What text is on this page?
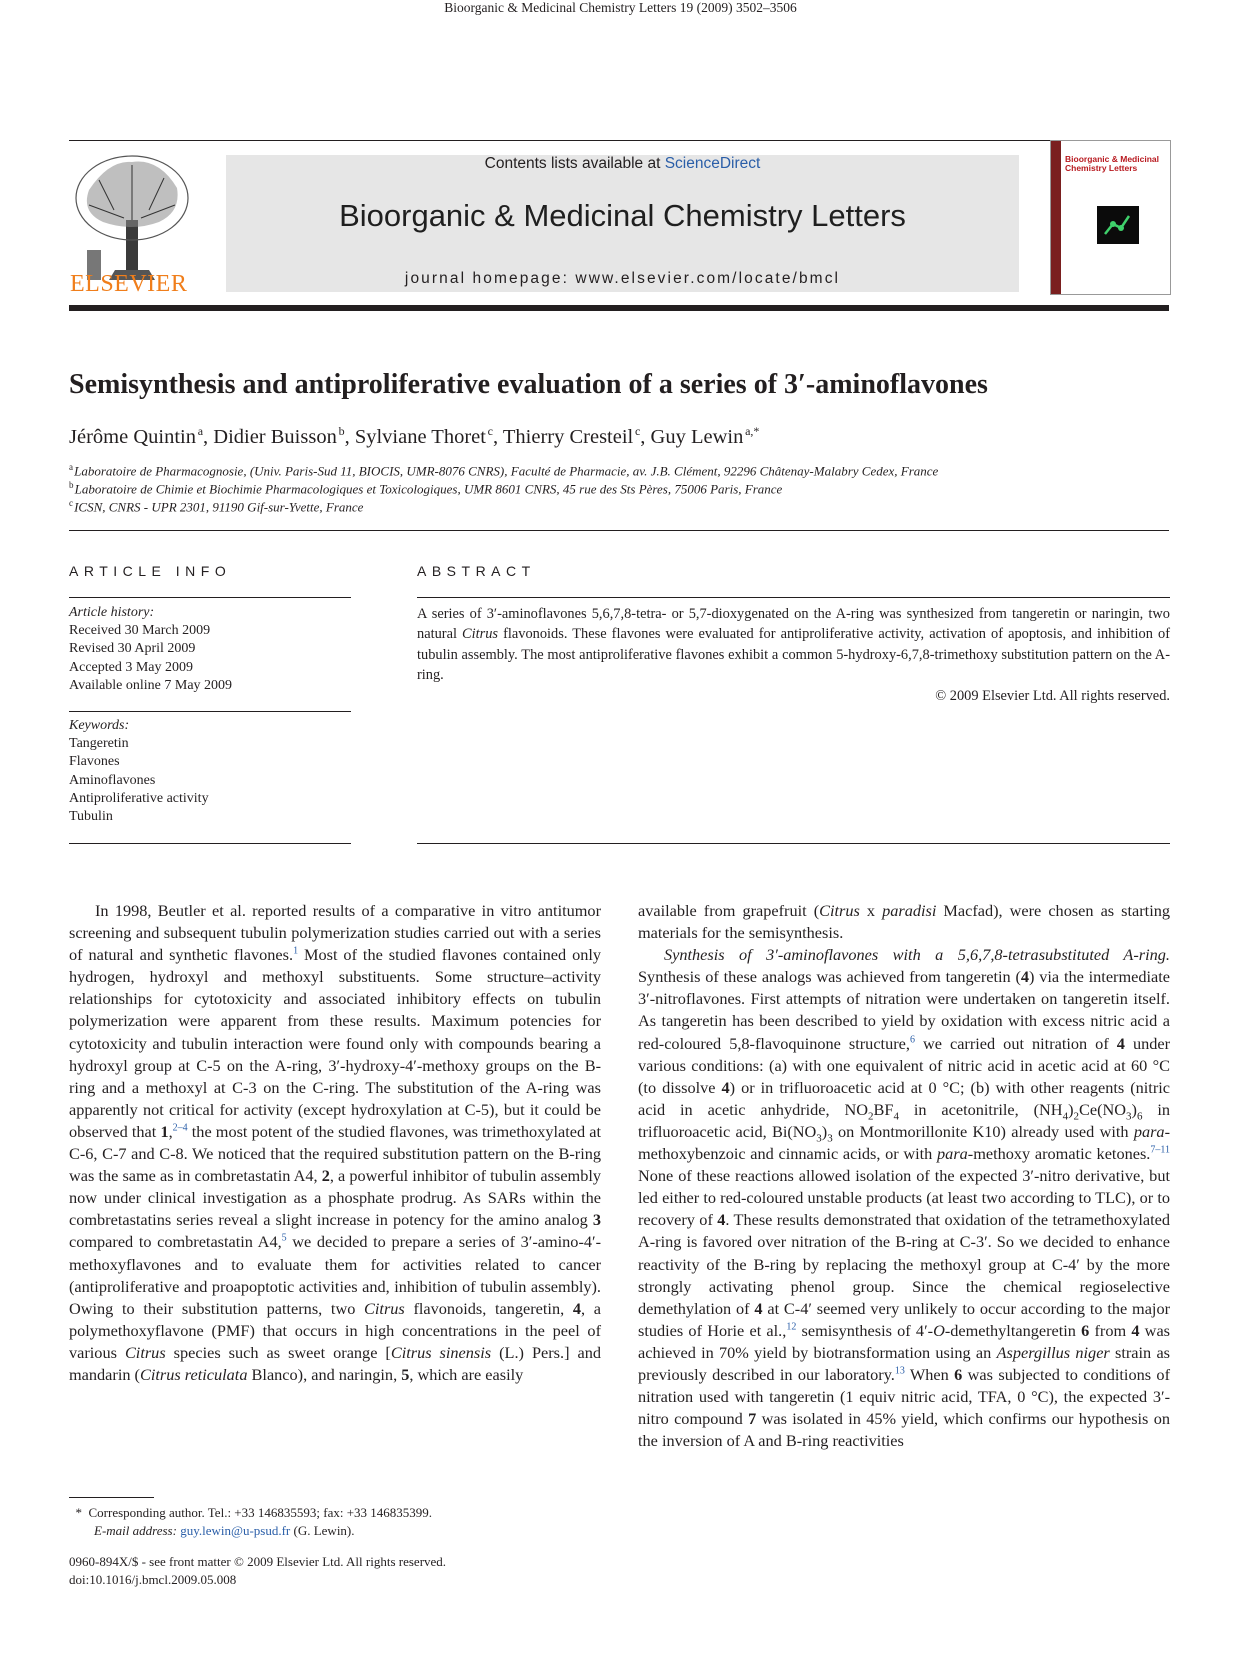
Bioorganic & Medicinal Chemistry Letters 19 (2009) 3502–3506
ELSEVIER
Contents lists available at ScienceDirect
Bioorganic & Medicinal Chemistry Letters
journal homepage: www.elsevier.com/locate/bmcl
Bioorganic & Medicinal Chemistry Letters
Semisynthesis and antiproliferative evaluation of a series of 3′-aminoflavones
Jérôme Quintin  $^a$, Didier Buisson  $^b$, Sylviane Thoret  $^c$, Thierry Cresteil  $^c$, Guy Lewin  $^{a,*}$
$^a$ Laboratoire de Pharmacognosie, (Univ. Paris-Sud 11, BIOCIS, UMR-8076 CNRS), Faculté de Pharmacie, av. J.B. Clément, 92296 Châtenay-Malabry Cedex, France
$^b$ Laboratoire de Chimie et Biochimie Pharmacologiques et Toxicologiques, UMR 8601 CNRS, 45 rue des Sts Pères, 75006 Paris, France
$^c$ ICSN, CNRS - UPR 2301, 91190 Gif-sur-Yvette, France
ARTICLE INFO
Article history:
Received 30 March 2009
Revised 30 April 2009
Accepted 3 May 2009
Available online 7 May 2009
Keywords:
Tangeretin
Flavones
Aminoflavones
Antiproliferative activity
Tubulin
ABSTRACT
A series of 3′-aminoflavones 5,6,7,8-tetra- or 5,7-dioxygenated on the A-ring was synthesized from tangeretin or naringin, two natural Citrus flavonoids. These flavones were evaluated for antiproliferative activity, activation of apoptosis, and inhibition of tubulin assembly. The most antiproliferative flavones exhibit a common 5-hydroxy-6,7,8-trimethoxy substitution pattern on the A-ring.
© 2009 Elsevier Ltd. All rights reserved.

In 1998, Beutler et al. reported results of a comparative in vitro antitumor screening and subsequent tubulin polymerization studies carried out with a series of natural and synthetic flavones.$^1$ Most of the studied flavones contained only hydrogen, hydroxyl and methoxyl substituents. Some structure–activity relationships for cytotoxicity and associated inhibitory effects on tubulin polymerization were apparent from these results. Maximum potencies for cytotoxicity and tubulin interaction were found only with compounds bearing a hydroxyl group at C-5 on the A-ring, 3′-hydroxy-4′-methoxy groups on the B-ring and a methoxyl at C-3 on the C-ring. The substitution of the A-ring was apparently not critical for activity (except hydroxylation at C-5), but it could be observed that 1,$^{2-4}$ the most potent of the studied flavones, was trimethoxylated at C-6, C-7 and C-8. We noticed that the required substitution pattern on the B-ring was the same as in combretastatin A4, 2, a powerful inhibitor of tubulin assembly now under clinical investigation as a phosphate prodrug. As SARs within the combretastatins series reveal a slight increase in potency for the amino analog 3 compared to combretastatin A4,$^5$ we decided to prepare a series of 3′-amino-4′-methoxyflavones and to evaluate them for activities related to cancer (antiproliferative and proapoptotic activities and, inhibition of tubulin assembly). Owing to their substitution patterns, two Citrus flavonoids, tangeretin, 4, a polymethoxyflavone (PMF) that occurs in high concentrations in the peel of various Citrus species such as sweet orange [Citrus sinensis (L.) Pers.] and mandarin (Citrus reticulata Blanco), and naringin, 5, which are easily

available from grapefruit (Citrus x paradisi Macfad), were chosen as starting materials for the semisynthesis.

Synthesis of 3′-aminoflavones with a 5,6,7,8-tetrasubstituted A-ring. Synthesis of these analogs was achieved from tangeretin (4) via the intermediate 3′-nitroflavones. First attempts of nitration were undertaken on tangeretin itself. As tangeretin has been described to yield by oxidation with excess nitric acid a red-coloured 5,8-flavoquinone structure,$^6$ we carried out nitration of 4 under various conditions: (a) with one equivalent of nitric acid in acetic acid at 60 °C (to dissolve 4) or in trifluoroacetic acid at 0 °C; (b) with other reagents (nitric acid in acetic anhydride, $NO_2BF_4$ in acetonitrile, $(NH_4)_2Ce(NO_3)_6$ in trifluoroacetic acid, $Bi(NO_3)_3$ on Montmorillonite K10) already used with para-methoxybenzoic and cinnamic acids, or with para-methoxy aromatic ketones.$^{7-11}$ None of these reactions allowed isolation of the expected 3′-nitro derivative, but led either to red-coloured unstable products (at least two according to TLC), or to recovery of 4. These results demonstrated that oxidation of the tetramethoxylated A-ring is favored over nitration of the B-ring at C-3′. So we decided to enhance reactivity of the B-ring by replacing the methoxyl group at C-4′ by the more strongly activating phenol group. Since the chemical regioselective demethylation of 4 at C-4′ seemed very unlikely to occur according to the major studies of Horie et al.,$^{12}$ semisynthesis of 4′-O-demethyltangeretin 6 from 4 was achieved in 70% yield by biotransformation using an Aspergillus niger strain as previously described in our laboratory.$^{13}$ When 6 was subjected to conditions of nitration used with tangeretin (1 equiv nitric acid, TFA, 0 °C), the expected 3′-nitro compound 7 was isolated in 45% yield, which confirms our hypothesis on the inversion of A and B-ring reactivities

*  Corresponding author. Tel.: +33 146835593; fax: +33 146835399.
E-mail address: guy.lewin@u-psud.fr (G. Lewin).
0960-894X/$ - see front matter © 2009 Elsevier Ltd. All rights reserved.
doi:10.1016/j.bmcl.2009.05.008
